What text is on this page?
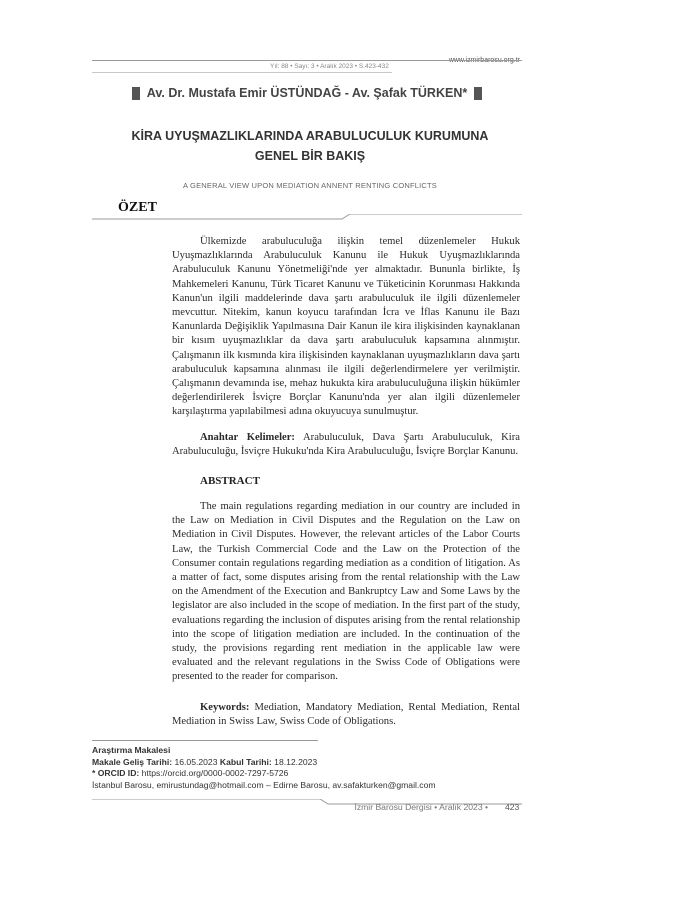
www.izmirbarosu.org.tr
Yıl: 88 • Sayı: 3 • Aralık 2023 • S.423-432
Av. Dr. Mustafa Emir ÜSTÜNDAĞ - Av. Şafak TÜRKEN*
KİRA UYUŞMAZLIKLARINDA ARABULUCULUK KURUMUNA
GENEL BİR BAKIŞ
A GENERAL VIEW UPON MEDIATION ANNENT RENTING CONFLICTS
ÖZET

Ülkemizde arabuluculuğa ilişkin temel düzenlemeler Hukuk Uyuşmazlıklarında Arabuluculuk Kanunu ile Hukuk Uyuşmazlıklarında Arabuluculuk Kanunu Yönetmeliği'nde yer almaktadır. Bununla birlikte, İş Mahkemeleri Kanunu, Türk Ticaret Kanunu ve Tüketicinin Korunması Hakkında Kanun'un ilgili maddelerinde dava şartı arabuluculuk ile ilgili düzenlemeler mevcuttur. Nitekim, kanun koyucu tarafından İcra ve İflas Kanunu ile Bazı Kanunlarda Değişiklik Yapılmasına Dair Kanun ile kira ilişkisinden kaynaklanan bir kısım uyuşmazlıklar da dava şartı arabuluculuk kapsamına alınmıştır. Çalışmanın ilk kısmında kira ilişkisinden kaynaklanan uyuşmazlıkların dava şartı arabuluculuk kapsamına alınması ile ilgili değerlendirmelere yer verilmiştir. Çalışmanın devamında ise, mehaz hukukta kira arabuluculuğuna ilişkin hükümler değerlendirilerek İsviçre Borçlar Kanunu'nda yer alan ilgili düzenlemeler karşılaştırma yapılabilmesi adına okuyucuya sunulmuştur.

Anahtar Kelimeler: Arabuluculuk, Dava Şartı Arabuluculuk, Kira Arabuluculuğu, İsviçre Hukuku'nda Kira Arabuluculuğu, İsviçre Borçlar Kanunu.

ABSTRACT

The main regulations regarding mediation in our country are included in the Law on Mediation in Civil Disputes and the Regulation on the Law on Mediation in Civil Disputes. However, the relevant articles of the Labor Courts Law, the Turkish Commercial Code and the Law on the Protection of the Consumer contain regulations regarding mediation as a condition of litigation. As a matter of fact, some disputes arising from the rental relationship with the Law on the Amendment of the Execution and Bankruptcy Law and Some Laws by the legislator are also included in the scope of mediation. In the first part of the study, evaluations regarding the inclusion of disputes arising from the rental relationship into the scope of litigation mediation are included. In the continuation of the study, the provisions regarding rent mediation in the applicable law were evaluated and the relevant regulations in the Swiss Code of Obligations were presented to the reader for comparison.

Keywords: Mediation, Mandatory Mediation, Rental Mediation, Rental Mediation in Swiss Law, Swiss Code of Obligations.

Araştırma Makalesi
Makale Geliş Tarihi: 16.05.2023 Kabul Tarihi: 18.12.2023
* ORCID ID: https://orcid.org/0000-0002-7297-5726
İstanbul Barosu, emirustundag@hotmail.com – Edirne Barosu, av.safakturken@gmail.com
İzmir Barosu Dergisi • Aralık 2023 • 423
